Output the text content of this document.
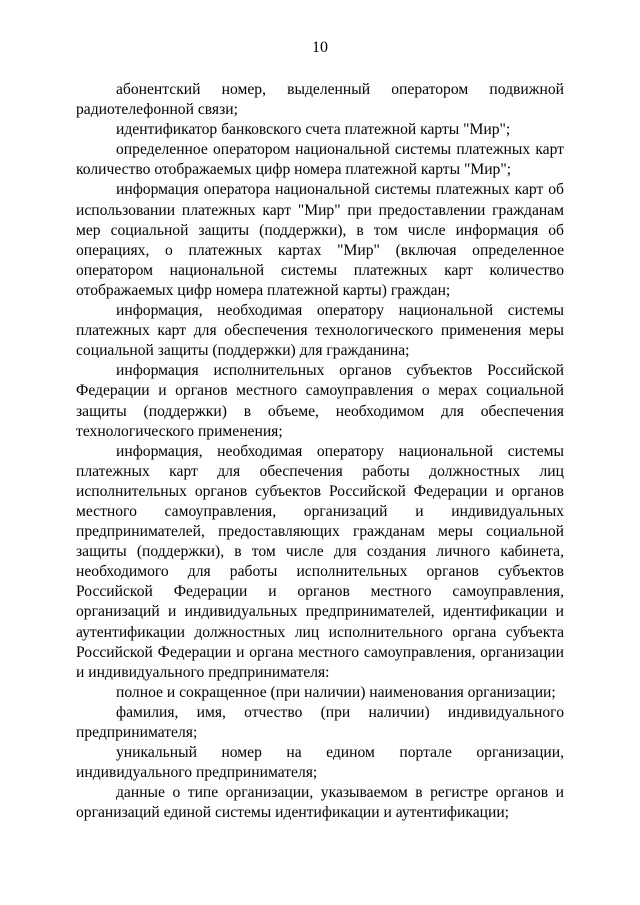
10

абонентский номер, выделенный оператором подвижной радиотелефонной связи;

идентификатор банковского счета платежной карты "Мир";

определенное оператором национальной системы платежных карт количество отображаемых цифр номера платежной карты "Мир";

информация оператора национальной системы платежных карт об использовании платежных карт "Мир" при предоставлении гражданам мер социальной защиты (поддержки), в том числе информация об операциях, о платежных картах "Мир" (включая определенное оператором национальной системы платежных карт количество отображаемых цифр номера платежной карты) граждан;

информация, необходимая оператору национальной системы платежных карт для обеспечения технологического применения меры социальной защиты (поддержки) для гражданина;

информация исполнительных органов субъектов Российской Федерации и органов местного самоуправления о мерах социальной защиты (поддержки) в объеме, необходимом для обеспечения технологического применения;

информация, необходимая оператору национальной системы платежных карт для обеспечения работы должностных лиц исполнительных органов субъектов Российской Федерации и органов местного самоуправления, организаций и индивидуальных предпринимателей, предоставляющих гражданам меры социальной защиты (поддержки), в том числе для создания личного кабинета, необходимого для работы исполнительных органов субъектов Российской Федерации и органов местного самоуправления, организаций и индивидуальных предпринимателей, идентификации и аутентификации должностных лиц исполнительного органа субъекта Российской Федерации и органа местного самоуправления, организации и индивидуального предпринимателя:

полное и сокращенное (при наличии) наименования организации;

фамилия, имя, отчество (при наличии) индивидуального предпринимателя;

уникальный номер на едином портале организации, индивидуального предпринимателя;

данные о типе организации, указываемом в регистре органов и организаций единой системы идентификации и аутентификации;
